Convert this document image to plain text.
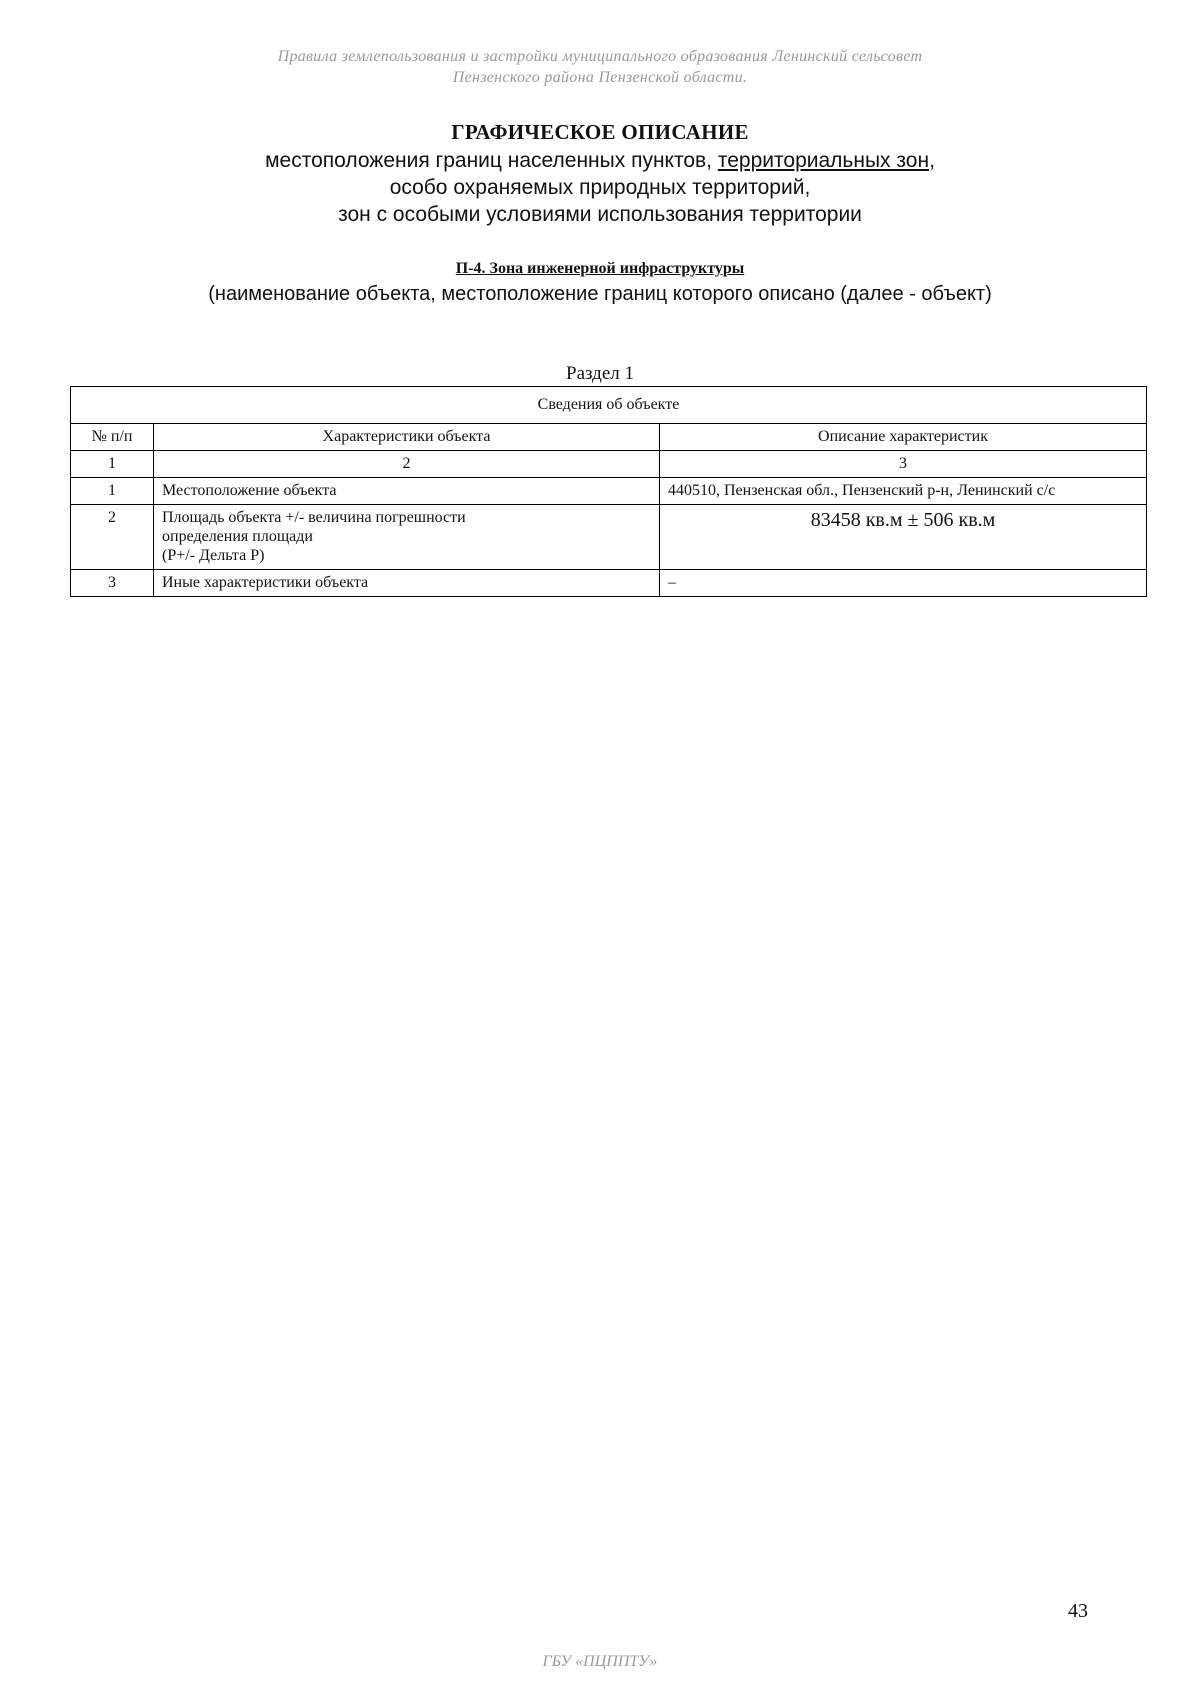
Правила землепользования и застройки муниципального образования Ленинский сельсовет
Пензенского района Пензенской области.
ГРАФИЧЕСКОЕ ОПИСАНИЕ
местоположения границ населенных пунктов, территориальных зон,
особо охраняемых природных территорий,
зон с особыми условиями использования территории
П-4. Зона инженерной инфраструктуры
(наименование объекта, местоположение границ которого описано (далее - объект)
Раздел 1
Сведения об объекте		
№ п/п	Характеристики объекта	Описание характеристик
1	2	3
1	Местоположение объекта	440510, Пензенская обл., Пензенский р-н, Ленинский с/с
2	Площадь объекта +/- величина погрешности
определения площади
(P+/- Дельта P)	83458 кв.м ± 506 кв.м
3	Иные характеристики объекта	–
43
ГБУ «ПЦППТУ»
